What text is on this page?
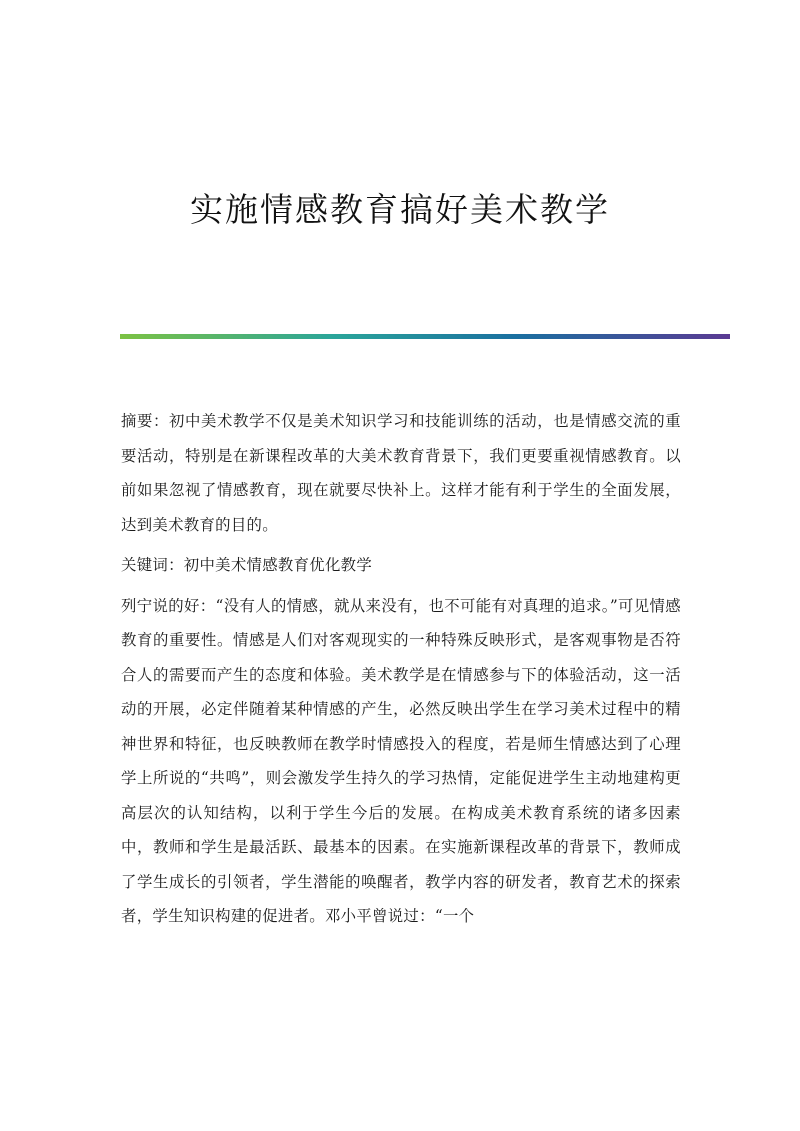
实施情感教育搞好美术教学

摘要：初中美术教学不仅是美术知识学习和技能训练的活动，也是情感交流的重要活动，特别是在新课程改革的大美术教育背景下，我们更要重视情感教育。以前如果忽视了情感教育，现在就要尽快补上。这样才能有利于学生的全面发展，达到美术教育的目的。

关键词：初中美术情感教育优化教学

列宁说的好：“没有人的情感，就从来没有，也不可能有对真理的追求。”可见情感教育的重要性。情感是人们对客观现实的一种特殊反映形式，是客观事物是否符合人的需要而产生的态度和体验。美术教学是在情感参与下的体验活动，这一活动的开展，必定伴随着某种情感的产生，必然反映出学生在学习美术过程中的精神世界和特征，也反映教师在教学时情感投入的程度，若是师生情感达到了心理学上所说的“共鸣”，则会激发学生持久的学习热情，定能促进学生主动地建构更高层次的认知结构，以利于学生今后的发展。在构成美术教育系统的诸多因素中，教师和学生是最活跃、最基本的因素。在实施新课程改革的背景下，教师成了学生成长的引领者，学生潜能的唤醒者，教学内容的研发者，教育艺术的探索者，学生知识构建的促进者。邓小平曾说过：“一个
